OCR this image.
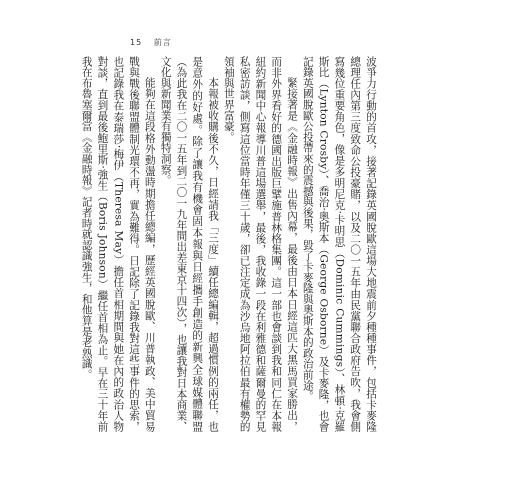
15 前言

波爭力行動的首攻，接著記錄英國脫歐這場大地震前夕種種事件，包括卡麥隆總理任內第三度致命公投豪賭，以及二〇一五年由民黨聯合政府告吹，我會側寫幾位重要角色，像是多明尼克‧卡明思（Dominic Cummings）、林頓‧克羅斯比（Lynton Crosby）、喬治‧奧斯本（George Osborne）及卡麥隆，也會記錄英國脫歐公投帶來的震撼與後果，毀了卡麥隆與奧斯本的政治前途。

緊接著是《金融時報》出售內幕，最後由日本日經這匹大黑馬買家勝出，而非外界看好的德國出版巨擘施普林格集團。這一部也會談到我和同仁在本報紐約新聞中心報導川普這場選舉，最後，我收錄一段在利雅德和薩爾曼的罕見私密訪談，側寫這位當時年僅三十歲，卻已注定成為沙烏地阿拉伯最有權勢的領袖與世界富豪。

本報被收購後不久，日經請我「三度」續任總編輯，超過慣例的兩任，也是意外的好處。除了讓我有機會固本報與日經攜手創造的新興全球媒體聯盟（為此我在二〇一五年到二〇一九年間出差東京十四次），也讓我對日本商業、文化與新聞業有獨特洞察。

能夠在這段格外動盪時期擔任總編，歷經英國脫歐、川普執政、美中貿易戰與戰後聯盟體制光環不再，實為難得。日記除了記錄我對這些事件的思索，也記錄我在泰瑞莎‧梅伊（Theresa May）擔任首相期間與她在內的政治人物對談，直到最後鮑里斯‧強生（Boris Johnson）繼任首相為止。早在三十年前我在布魯塞爾當《金融時報》記者時就認識強生，和他算是老熟識。
